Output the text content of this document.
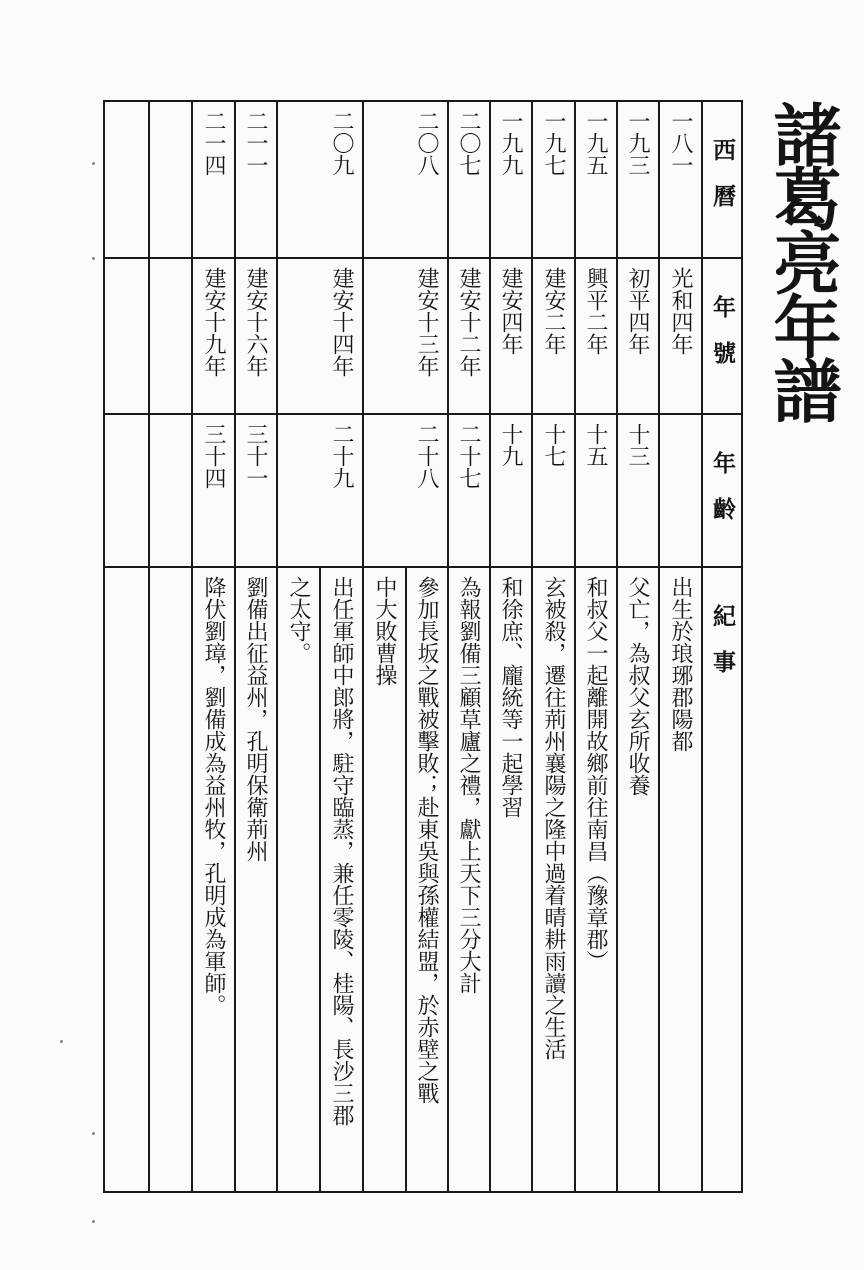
諸葛亮年譜
西　曆
年　號
年　齡
紀　事
一八一
光和四年
出生於琅琊郡陽都
一九三
初平四年
十三
父亡，為叔父玄所收養
一九五
興平二年
十五
和叔父一起離開故鄉前往南昌（豫章郡）
一九七
建安二年
十七
玄被殺，遷往荊州襄陽之隆中過着晴耕雨讀之生活
一九九
建安四年
十九
和徐庶、龐統等一起學習
二〇七
建安十二年
二十七
為報劉備三顧草廬之禮，獻上天下三分大計
二〇八
建安十三年
二十八
參加長坂之戰被擊敗；赴東吳與孫權結盟，於赤壁之戰
中大敗曹操
二〇九
建安十四年
二十九
出任軍師中郎將，駐守臨蒸，兼任零陵、桂陽、長沙三郡
之太守。
二一一
建安十六年
三十一
劉備出征益州，孔明保衛荊州
二一四
建安十九年
三十四
降伏劉璋，劉備成為益州牧，孔明成為軍師。
